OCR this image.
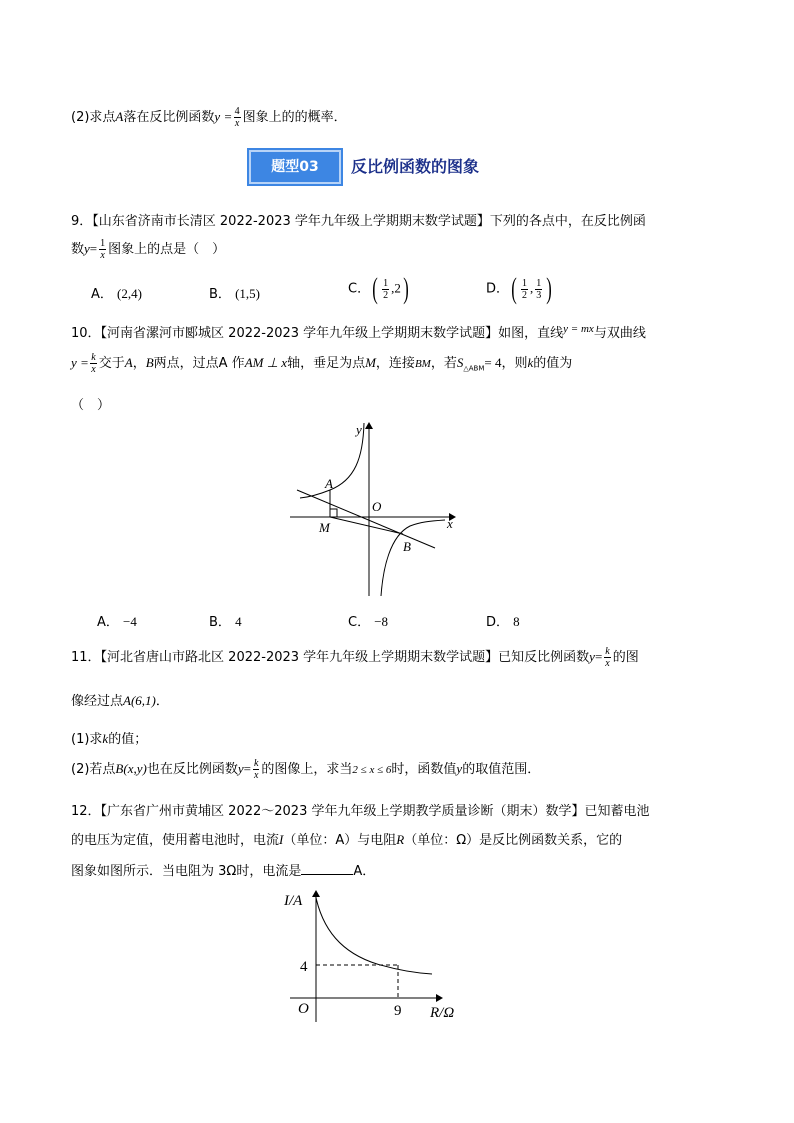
(2)求点A落在反比例函数$y = \frac{4}{x}$ 图象上的的概率．
题型03	反比例函数的图象
9．【山东省济南市长清区 2022-2023 学年九年级上学期期末数学试题】下列的各点中，在反比例函
数$y= \frac{1}{x}$ 图象上的点是（　）
A． (2,4)	B． (1,5)	C．( $\frac{1}{2} ,2$)	D．( $\frac{1}{2}$ , $\frac{1}{3}$ )
10．【河南省漯河市郾城区 2022-2023 学年九年级上学期期末数学试题】如图，直线$^{y = mx}$与双曲线
$y = \frac{k}{x}$ 交于A，B两点，过点A 作AM ⊥ x轴，垂足为点M，连接BM，若$S_{\triangle ABM}= 4$，则k的值为
（　）
y
x
O
A
B
M
A． −4	B． 4	C． −8	D． 8
11．【河北省唐山市路北区 2022-2023 学年九年级上学期期末数学试题】已知反比例函数$y= \frac{k}{x}$ 的图
像经过点A(6,1)．
(1)求k的值；
(2)若点B(x,y)也在反比例函数$y= \frac{k}{x}$ 的图像上，求当2 ≤ x ≤ 6时，函数值y的取值范围．
12．【广东省广州市黄埔区 2022～2023 学年九年级上学期教学质量诊断（期末）数学】已知蓄电池
的电压为定值，使用蓄电池时，电流I（单位：A）与电阻R（单位：Ω）是反比例函数关系，它的
图象如图所示．当电阻为 3Ω时，电流是	A．
I/A
R/Ω
O
4
9
